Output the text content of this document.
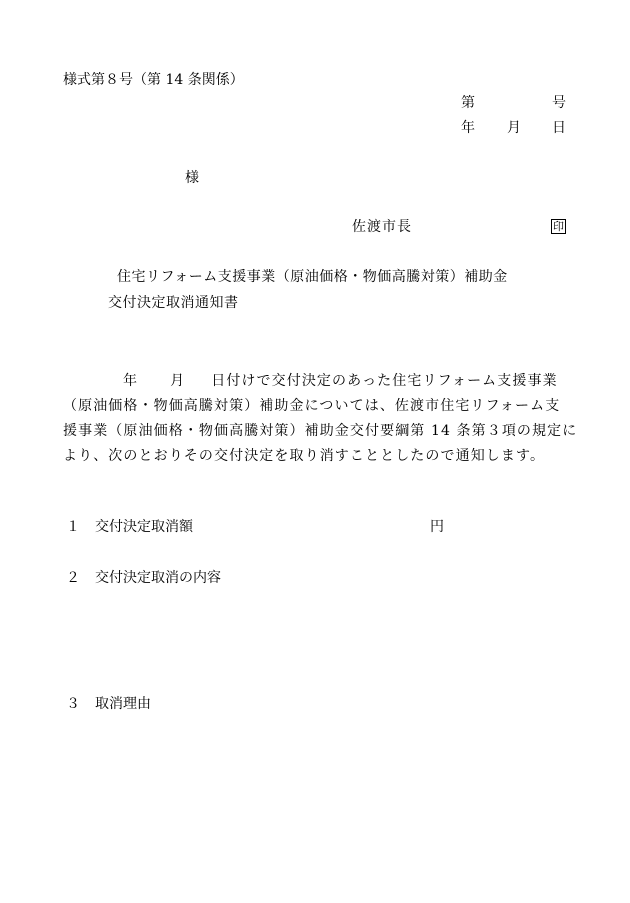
様式第８号（第 14 条関係）
第	号
年 月 日
様
佐渡市長	印
住宅リフォーム支援事業（原油価格・物価高騰対策）補助金
交付決定取消通知書
年 月 日付けで交付決定のあった住宅リフォーム支援事業
（原油価格・物価高騰対策）補助金については、佐渡市住宅リフォーム支
援事業（原油価格・物価高騰対策）補助金交付要綱第 14 条第３項の規定に
より、次のとおりその交付決定を取り消すこととしたので通知します。
１ 交付決定取消額	円
２ 交付決定取消の内容
３ 取消理由
